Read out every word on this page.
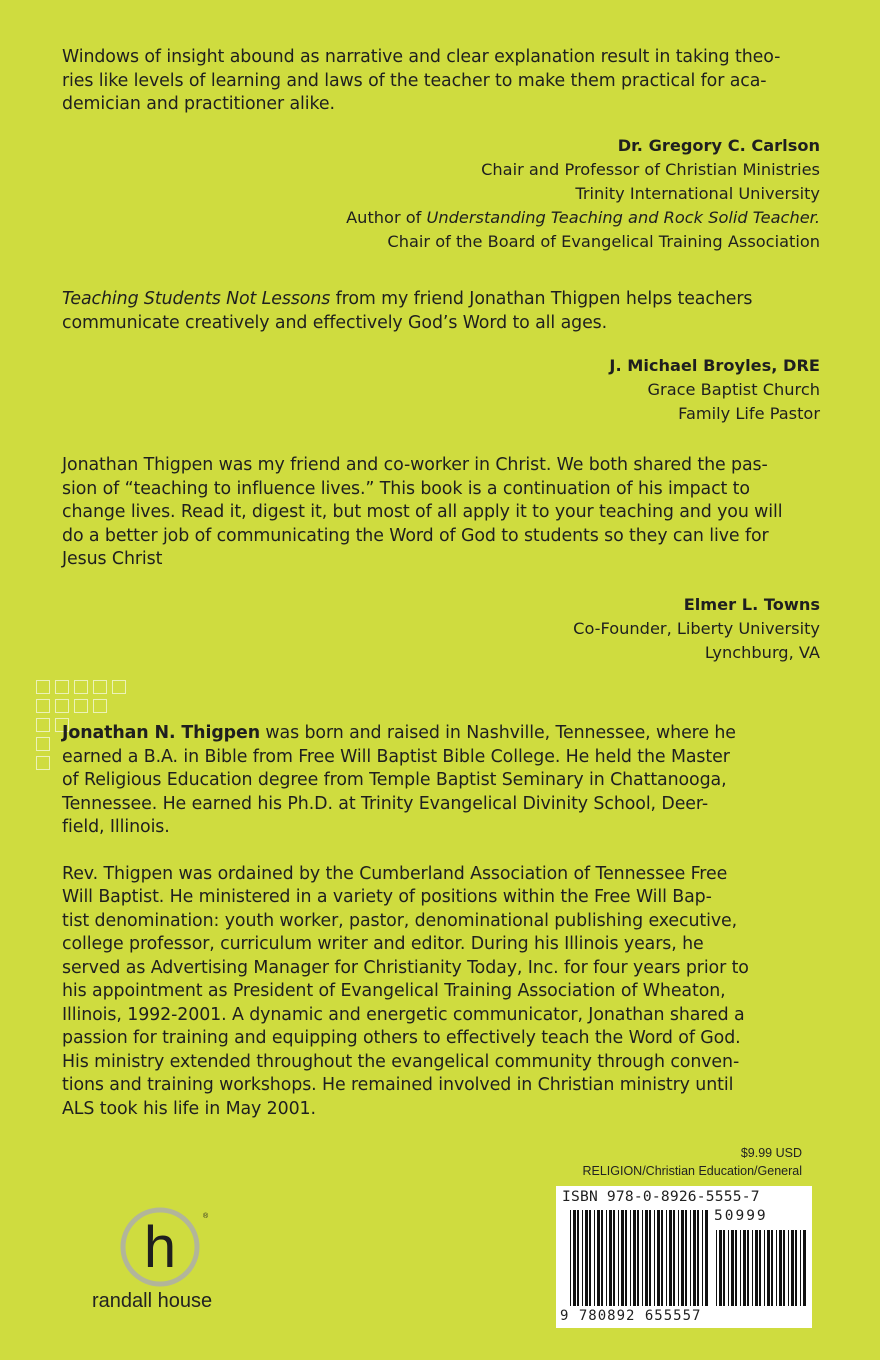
Windows of insight abound as narrative and clear explanation result in taking theo-
ries like levels of learning and laws of the teacher to make them practical for aca-
demician and practitioner alike.

Dr. Gregory C. Carlson
Chair and Professor of Christian Ministries
Trinity International University
Author of Understanding Teaching and Rock Solid Teacher.
Chair of the Board of Evangelical Training Association

Teaching Students Not Lessons from my friend Jonathan Thigpen helps teachers
communicate creatively and effectively God’s Word to all ages.

J. Michael Broyles, DRE
Grace Baptist Church
Family Life Pastor

Jonathan Thigpen was my friend and co-worker in Christ. We both shared the pas-
sion of “teaching to influence lives.” This book is a continuation of his impact to
change lives. Read it, digest it, but most of all apply it to your teaching and you will
do a better job of communicating the Word of God to students so they can live for
Jesus Christ

Elmer L. Towns
Co-Founder, Liberty University
Lynchburg, VA

Jonathan N. Thigpen was born and raised in Nashville, Tennessee, where he
earned a B.A. in Bible from Free Will Baptist Bible College. He held the Master
of Religious Education degree from Temple Baptist Seminary in Chattanooga,
Tennessee. He earned his Ph.D. at Trinity Evangelical Divinity School, Deer-
field, Illinois.

Rev. Thigpen was ordained by the Cumberland Association of Tennessee Free
Will Baptist. He ministered in a variety of positions within the Free Will Bap-
tist denomination: youth worker, pastor, denominational publishing executive,
college professor, curriculum writer and editor. During his Illinois years, he
served as Advertising Manager for Christianity Today, Inc. for four years prior to
his appointment as President of Evangelical Training Association of Wheaton,
Illinois, 1992-2001. A dynamic and energetic communicator, Jonathan shared a
passion for training and equipping others to effectively teach the Word of God.
His ministry extended throughout the evangelical community through conven-
tions and training workshops. He remained involved in Christian ministry until
ALS took his life in May 2001.

$9.99 USD
RELIGION/Christian Education/General
ISBN 978-0-8926-5555-7
50999
9 780892 655557
h	®
randall house
